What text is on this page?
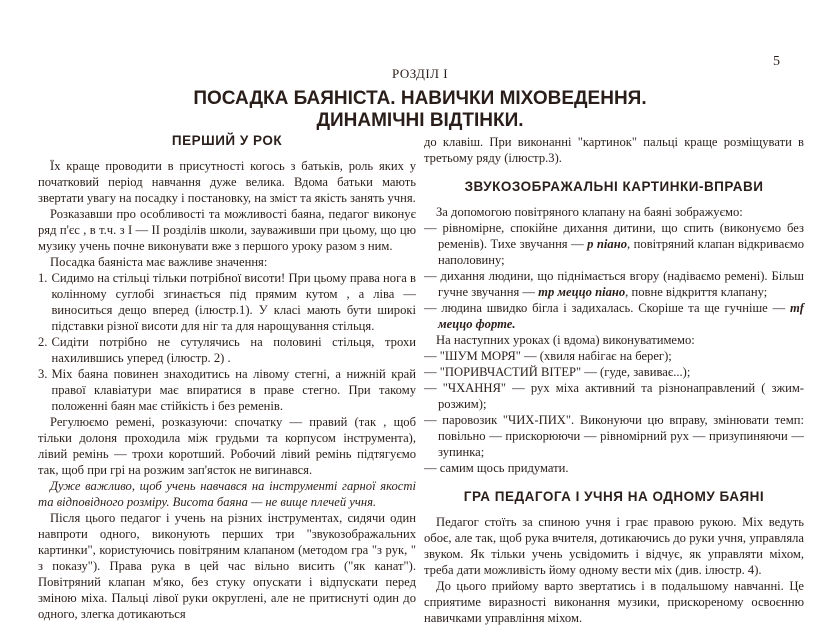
5
РОЗДІЛ І
ПОСАДКА БАЯНІСТА. НАВИЧКИ МІХОВЕДЕННЯ.
ДИНАМІЧНІ ВІДТІНКИ.
ПЕРШИЙ У РОК

Їх краще проводити в присутності когось з батьків, роль яких у початковий період навчання дуже велика. Вдома батьки мають звертати увагу на посадку і постановку, на зміст та якість занять учня.

Розказавши про особливості та можливості баяна, педагог виконує ряд п'єс , в т.ч. з І — ІІ розділів школи, зауваживши при цьому, що цю музику учень почне виконувати вже з першого уроку разом з ним.

Посадка баяніста має важливе значення:

1. Сидимо на стільці тільки потрібної висоти! При цьому права нога в колінному суглобі згинається під прямим кутом , а ліва — виноситься дещо вперед (ілюстр.1). У класі мають бути широкі підставки різної висоти для ніг та для нарощування стільця.
2. Сидіти потрібно не сутулячись на половині стільця, трохи нахилившись уперед (ілюстр. 2) .
3. Міх баяна повинен знаходитись на лівому стегні, а нижній край правої клавіатури має впиратися в праве стегно. При такому положенні баян має стійкість і без ременів.

Регулюємо ремені, розказуючи: спочатку — правий (так , щоб тільки долоня проходила між грудьми та корпусом інструмента), лівий ремінь — трохи коротший. Робочий лівий ремінь підтягуємо так, щоб при грі на розжим зап'ясток не вигинався.

Дуже важливо, щоб учень навчався на інструменті гарної якості та відповідного розміру. Висота баяна — не вище плечей учня.

Після цього педагог і учень на різних інструментах, сидячи один навпроти одного, виконують перших три "звукозображальних картинки", користуючись повітряним клапаном (методом гра "з рук, " з показу"). Права рука в цей час вільно висить ("як канат"). Повітряний клапан м'яко, без стуку опускати і відпускати перед зміною міха. Пальці лівої руки округлені, але не притиснуті один до одного, злегка дотикаються

до клавіш. При виконанні "картинок" пальці краще розміщувати в третьому ряду (ілюстр.3).

ЗВУКОЗОБРАЖАЛЬНІ КАРТИНКИ-ВПРАВИ

За допомогою повітряного клапану на баяні зображуємо:

— рівномірне, спокійне дихання дитини, що спить (виконуємо без ременів). Тихе звучання — p піано, повітряний клапан відкриваємо наполовину;

— дихання людини, що піднімається вгору (надіваємо ремені). Більш гучне звучання — mp меццо піано, повне відкриття клапану;

— людина швидко бігла і задихалась. Скоріше та ще гучніше — mf меццо форте.

На наступних уроках (і вдома) виконуватимемо:

— "ШУМ МОРЯ" — (хвиля набігає на берег);

— "ПОРИВЧАСТИЙ ВІТЕР" — (гуде, завиває...);

— "ЧХАННЯ" — рух міха активний та різнонаправлений ( зжим-розжим);

— паровозик "ЧИХ-ПИХ". Виконуючи цю вправу, змінювати темп: повільно — прискорюючи — рівномірний рух — призупиняючи — зупинка;

— самим щось придумати.

ГРА ПЕДАГОГА І УЧНЯ НА ОДНОМУ БАЯНІ

Педагог стоїть за спиною учня і грає правою рукою. Міх ведуть обоє, але так, щоб рука вчителя, дотикаючись до руки учня, управляла звуком. Як тільки учень усвідомить і відчує, як управляти міхом, треба дати можливість йому одному вести міх (див. ілюстр. 4).

До цього прийому варто звертатись і в подальшому навчанні. Це сприятиме виразності виконання музики, прискореному освоєнню навичками управління міхом.
